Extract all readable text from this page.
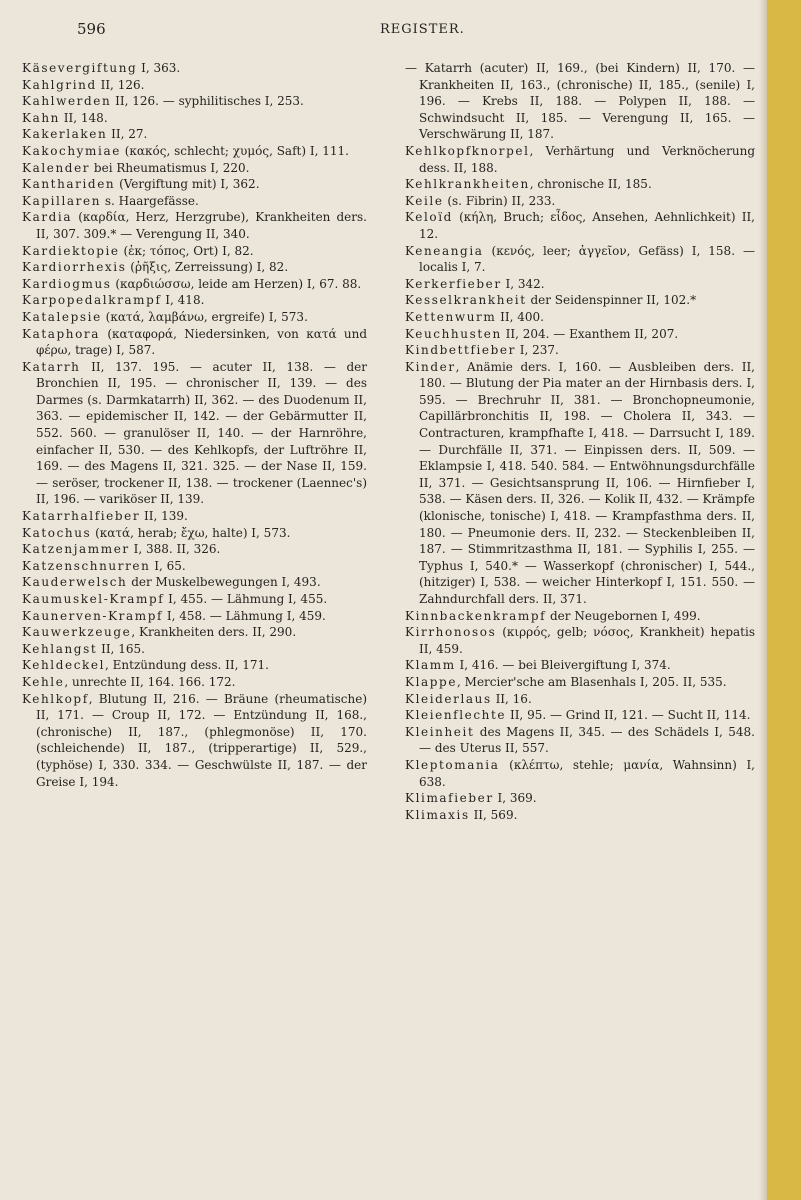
596	REGISTER.

Käsevergiftung I, 363.

Kahlgrind II, 126.

Kahlwerden II, 126. — syphilitisches I, 253.

Kahn II, 148.

Kakerlaken II, 27.

Kakochymiae (κακός, schlecht; χυμός, Saft) I, 111.

Kalender bei Rheumatismus I, 220.

Kanthariden (Vergiftung mit) I, 362.

Kapillaren s. Haargefässe.

Kardia (καρδία, Herz, Herzgrube), Krankheiten ders. II, 307. 309.* — Verengung II, 340.

Kardiektopie (ἐκ; τόπος, Ort) I, 82.

Kardiorrhexis (ῥῆξις, Zerreissung) I, 82.

Kardiogmus (καρδιώσσω, leide am Herzen) I, 67. 88.

Karpopedalkrampf I, 418.

Katalepsie (κατά, λαμβάνω, ergreife) I, 573.

Kataphora (καταφορά, Niedersinken, von κατά und φέρω, trage) I, 587.

Katarrh II, 137. 195. — acuter II, 138. — der Bronchien II, 195. — chronischer II, 139. — des Darmes (s. Darmkatarrh) II, 362. — des Duodenum II, 363. — epidemischer II, 142. — der Gebärmutter II, 552. 560. — granulöser II, 140. — der Harnröhre, einfacher II, 530. — des Kehlkopfs, der Luftröhre II, 169. — des Magens II, 321. 325. — der Nase II, 159. — seröser, trockener II, 138. — trockener (Laennec's) II, 196. — variköser II, 139.

Katarrhalfieber II, 139.

Katochus (κατά, herab; ἔχω, halte) I, 573.

Katzenjammer I, 388. II, 326.

Katzenschnurren I, 65.

Kauderwelsch der Muskelbewegungen I, 493.

Kaumuskel-Krampf I, 455. — Lähmung I, 455.

Kaunerven-Krampf I, 458. — Lähmung I, 459.

Kauwerkzeuge, Krankheiten ders. II, 290.

Kehlangst II, 165.

Kehldeckel, Entzündung dess. II, 171.

Kehle, unrechte II, 164. 166. 172.

Kehlkopf, Blutung II, 216. — Bräune (rheumatische) II, 171. — Croup II, 172. — Entzündung II, 168., (chronische) II, 187., (phlegmonöse) II, 170. (schleichende) II, 187., (tripperartige) II, 529., (typhöse) I, 330. 334. — Geschwülste II, 187. — der Greise I, 194.

— Katarrh (acuter) II, 169., (bei Kindern) II, 170. — Krankheiten II, 163., (chronische) II, 185., (senile) I, 196. — Krebs II, 188. — Polypen II, 188. — Schwindsucht II, 185. — Verengung II, 165. — Verschwärung II, 187.

Kehlkopfknorpel, Verhärtung und Verknöcherung dess. II, 188.

Kehlkrankheiten, chronische II, 185.

Keile (s. Fibrin) II, 233.

Keloïd (κήλη, Bruch; εἶδος, Ansehen, Aehnlichkeit) II, 12.

Keneangia (κενός, leer; ἀγγεῖον, Gefäss) I, 158. — localis I, 7.

Kerkerfieber I, 342.

Kesselkrankheit der Seidenspinner II, 102.*

Kettenwurm II, 400.

Keuchhusten II, 204. — Exanthem II, 207.

Kindbettfieber I, 237.

Kinder, Anämie ders. I, 160. — Ausbleiben ders. II, 180. — Blutung der Pia mater an der Hirnbasis ders. I, 595. — Brechruhr II, 381. — Bronchopneumonie, Capillärbronchitis II, 198. — Cholera II, 343. — Contracturen, krampfhafte I, 418. — Darrsucht I, 189. — Durchfälle II, 371. — Einpissen ders. II, 509. — Eklampsie I, 418. 540. 584. — Entwöhnungsdurchfälle II, 371. — Gesichtsansprung II, 106. — Hirnfieber I, 538. — Käsen ders. II, 326. — Kolik II, 432. — Krämpfe (klonische, tonische) I, 418. — Krampfasthma ders. II, 180. — Pneumonie ders. II, 232. — Steckenbleiben II, 187. — Stimmritzasthma II, 181. — Syphilis I, 255. — Typhus I, 540.* — Wasserkopf (chronischer) I, 544., (hitziger) I, 538. — weicher Hinterkopf I, 151. 550. — Zahndurchfall ders. II, 371.

Kinnbackenkrampf der Neugebornen I, 499.

Kirrhonosos (κιρρός, gelb; νόσος, Krankheit) hepatis II, 459.

Klamm I, 416. — bei Bleivergiftung I, 374.

Klappe, Mercier'sche am Blasenhals I, 205. II, 535.

Kleiderlaus II, 16.

Kleienflechte II, 95. — Grind II, 121. — Sucht II, 114.

Kleinheit des Magens II, 345. — des Schädels I, 548. — des Uterus II, 557.

Kleptomania (κλέπτω, stehle; μανία, Wahnsinn) I, 638.

Klimafieber I, 369.

Klimaxis II, 569.
